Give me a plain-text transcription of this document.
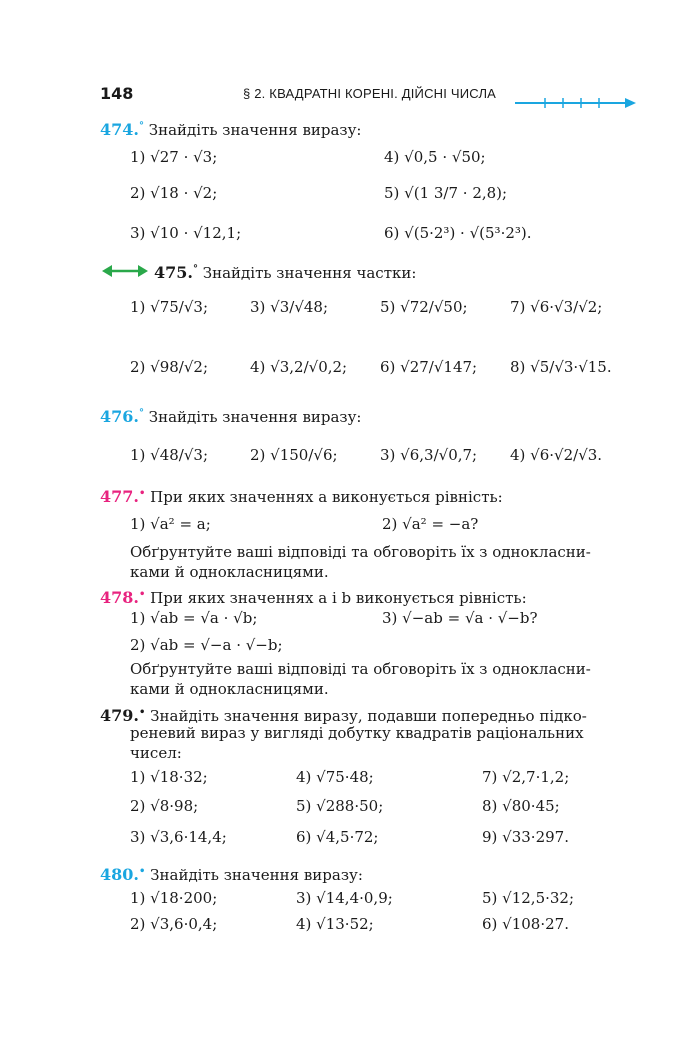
148	§ 2. КВАДРАТНІ КОРЕНІ. ДІЙСНІ ЧИСЛА
474.° Знайдіть значення виразу:
1) √27 · √3;	4) √0,5 · √50;
2) √18 · √2;	5) √(1 3/7 · 2,8);
3) √10 · √12,1;	6) √(5·2³) · √(5³·2³).
475.° Знайдіть значення частки:
1) √75/√3;	3) √3/√48;	5) √72/√50;	7) √6·√3/√2;
2) √98/√2;	4) √3,2/√0,2; 6) √27/√147; 8) √5/√3·√15.
476.° Знайдіть значення виразу:
1) √48/√3;	2) √150/√6;	3) √6,3/√0,7; 4) √6·√2/√3.
477.• При яких значеннях a виконується рівність:
1) √a² = a;	2) √a² = −a?
Обґрунтуйте ваші відповіді та обговоріть їх з однокласни-
ками й однокласницями.
478.• При яких значеннях a і b виконується рівність:
1) √ab = √a · √b;	3) √−ab = √a · √−b?
2) √ab = √−a · √−b;
Обґрунтуйте ваші відповіді та обговоріть їх з однокласни-
ками й однокласницями.
479.• Знайдіть значення виразу, подавши попередньо підко-
реневий вираз у вигляді добутку квадратів раціональних
чисел:
1) √18·32;	4) √75·48;	7) √2,7·1,2;
2) √8·98;	5) √288·50;	8) √80·45;
3) √3,6·14,4;	6) √4,5·72;	9) √33·297.
480.• Знайдіть значення виразу:
1) √18·200;	3) √14,4·0,9;	5) √12,5·32;
2) √3,6·0,4;	4) √13·52;	6) √108·27.
